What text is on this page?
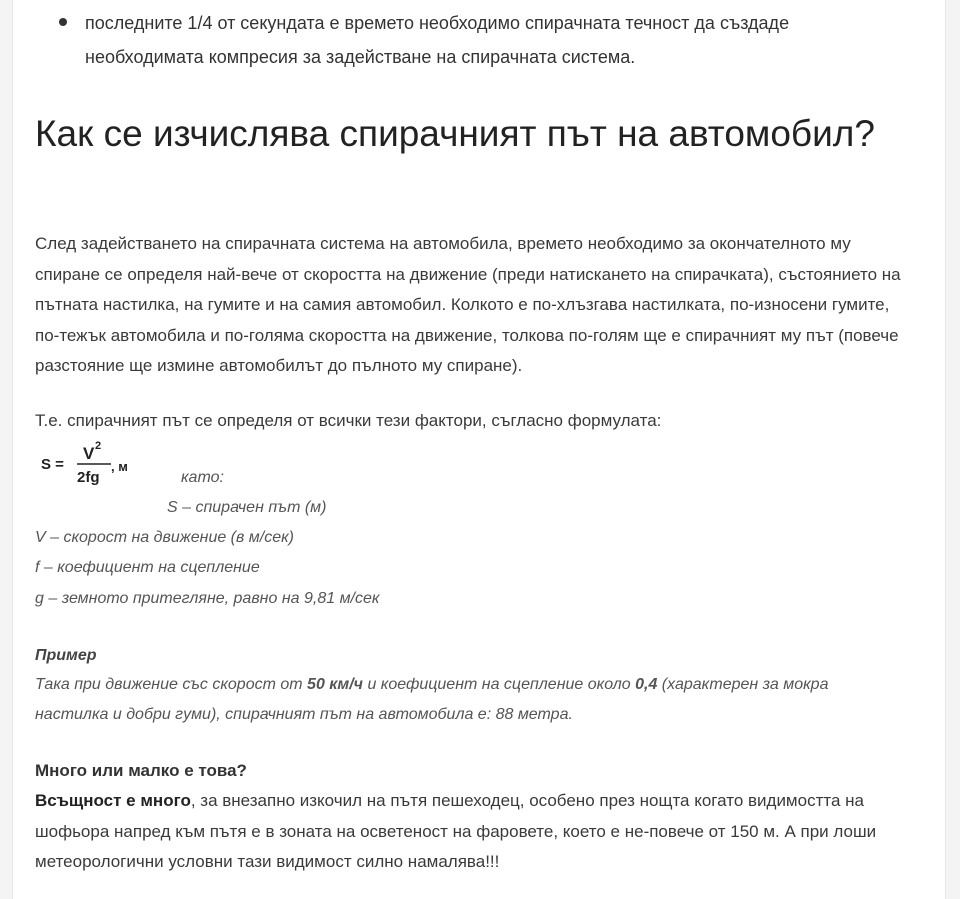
последните 1/4 от секундата е времето необходимо спирачната течност да създаде необходимата компресия за задействане на спирачната система.
Как се изчислява спирачният път на автомобил?

След задействането на спирачната система на автомобила, времето необходимо за окончателното му спиране се определя най-вече от скоростта на движение (преди натискането на спирачката), състоянието на пътната настилка, на гумите и на самия автомобил. Колкото е по-хлъзгава настилката, по-износени гумите, по-тежък автомобила и по-голяма скоростта на движение, толкова по-голям ще е спирачният му път (повече разстояние ще измине автомобилът до пълното му спиране).

Т.е. спирачният път се определя от всички тези фактори, съгласно формулата:

S =
V 2
2fg
, м

като:

S – спирачен път (м)

V – скорост на движение (в м/сек)

f – коефициент на сцепление

g – земното притегляне, равно на 9,81 м/сек

Пример

Така при движение със скорост от 50 км/ч и коефициент на сцепление около 0,4 (характерен за мокра настилка и добри гуми), спирачният път на автомобила е: 88 метра.

Много или малко е това?

Всъщност е много, за внезапно изкочил на пътя пешеходец, особено през нощта когато видимостта на шофьора напред към пътя е в зоната на осветеност на фаровете, което е не-повече от 150 м. А при лоши метеорологични условни тази видимост силно намалява!!!
